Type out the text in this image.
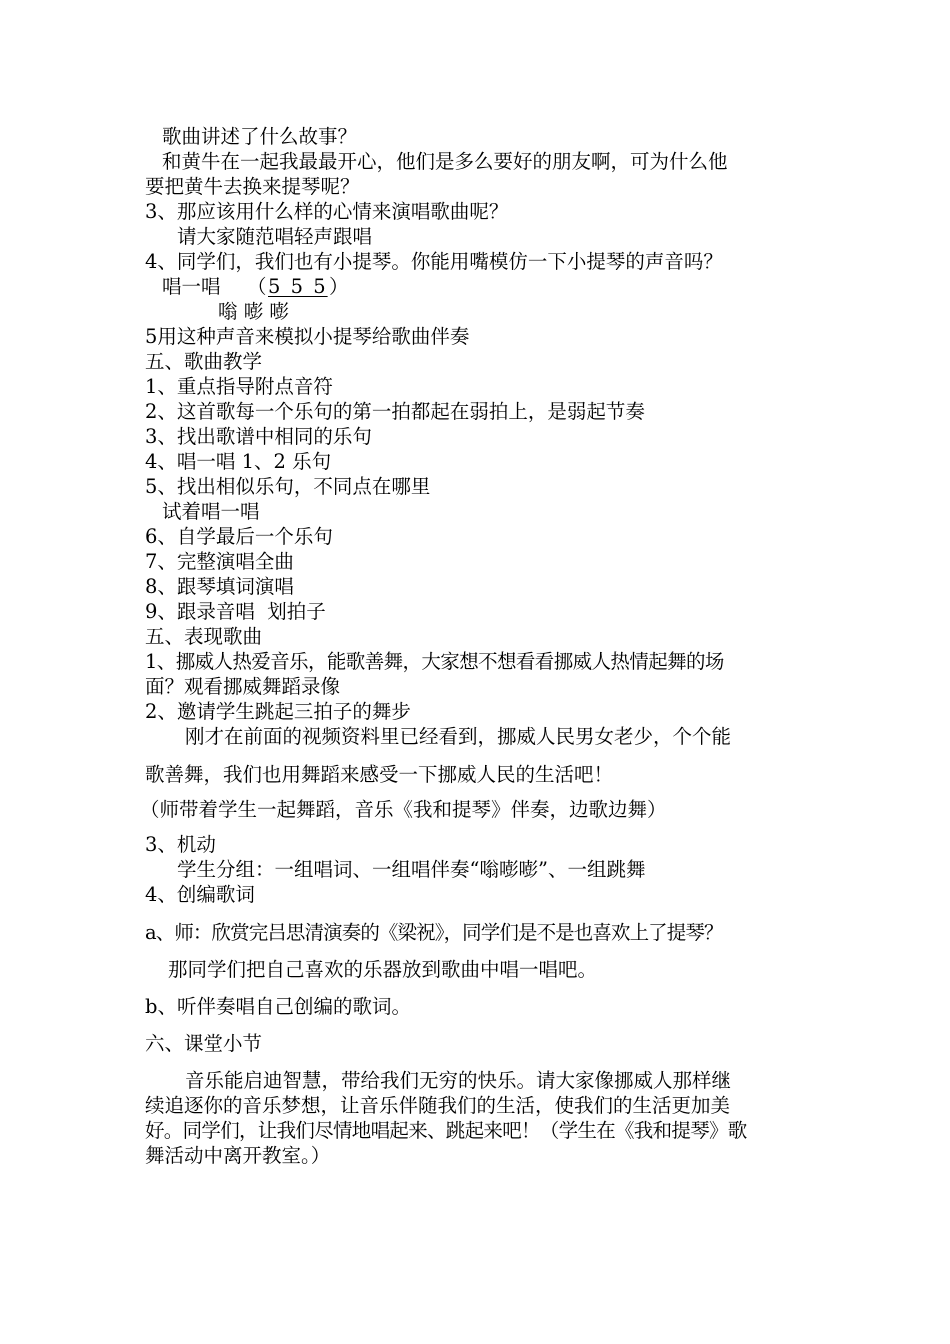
歌曲讲述了什么故事？
和黄牛在一起我最最开心，他们是多么要好的朋友啊，可为什么他
要把黄牛去换来提琴呢？
3、那应该用什么样的心情来演唱歌曲呢？
请大家随范唱轻声跟唱
4、同学们，我们也有小提琴。你能用嘴模仿一下小提琴的声音吗？
唱一唱 （ 5 5 5 ）
嗡 嘭 嘭
5用这种声音来模拟小提琴给歌曲伴奏
五、歌曲教学
1、重点指导附点音符
2、这首歌每一个乐句的第一拍都起在弱拍上，是弱起节奏
3、找出歌谱中相同的乐句
4、唱一唱 1、2 乐句
5、找出相似乐句，不同点在哪里
试着唱一唱
6、自学最后一个乐句
7、完整演唱全曲
8、跟琴填词演唱
9、跟录音唱  划拍子
五、表现歌曲
1、挪威人热爱音乐，能歌善舞，大家想不想看看挪威人热情起舞的场
面？观看挪威舞蹈录像
2、邀请学生跳起三拍子的舞步
刚才在前面的视频资料里已经看到，挪威人民男女老少，个个能
歌善舞，我们也用舞蹈来感受一下挪威人民的生活吧！
（师带着学生一起舞蹈，音乐《我和提琴》伴奏，边歌边舞）
3、机动
学生分组：一组唱词、一组唱伴奏“嗡嘭嘭”、一组跳舞
4、创编歌词
a、师：欣赏完吕思清演奏的《梁祝》，同学们是不是也喜欢上了提琴？
那同学们把自己喜欢的乐器放到歌曲中唱一唱吧。
b、听伴奏唱自己创编的歌词。
六、课堂小节
音乐能启迪智慧，带给我们无穷的快乐。请大家像挪威人那样继
续追逐你的音乐梦想，让音乐伴随我们的生活，使我们的生活更加美
好。同学们，让我们尽情地唱起来、跳起来吧！（学生在《我和提琴》歌
舞活动中离开教室。）
